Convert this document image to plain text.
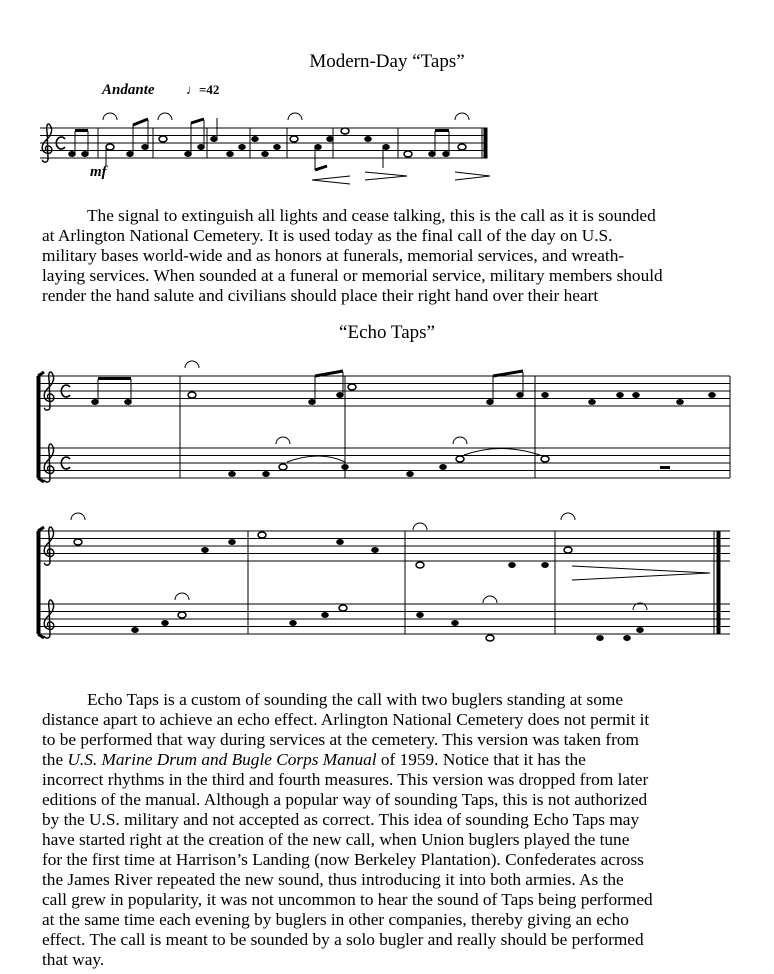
Modern-Day “Taps”
Andante ♩=42
mf
The signal to extinguish all lights and cease talking, this is the call as it is sounded
at Arlington National Cemetery. It is used today as the final call of the day on U.S.
military bases world-wide and as honors at funerals, memorial services, and wreath-
laying services. When sounded at a funeral or memorial service, military members should
render the hand salute and civilians should place their right hand over their heart
“Echo Taps”
Echo Taps is a custom of sounding the call with two buglers standing at some
distance apart to achieve an echo effect. Arlington National Cemetery does not permit it
to be performed that way during services at the cemetery. This version was taken from
the U.S. Marine Drum and Bugle Corps Manual of 1959. Notice that it has the
incorrect rhythms in the third and fourth measures. This version was dropped from later
editions of the manual. Although a popular way of sounding Taps, this is not authorized
by the U.S. military and not accepted as correct. This idea of sounding Echo Taps may
have started right at the creation of the new call, when Union buglers played the tune
for the first time at Harrison’s Landing (now Berkeley Plantation). Confederates across
the James River repeated the new sound, thus introducing it into both armies. As the
call grew in popularity, it was not uncommon to hear the sound of Taps being performed
at the same time each evening by buglers in other companies, thereby giving an echo
effect. The call is meant to be sounded by a solo bugler and really should be performed
that way.
